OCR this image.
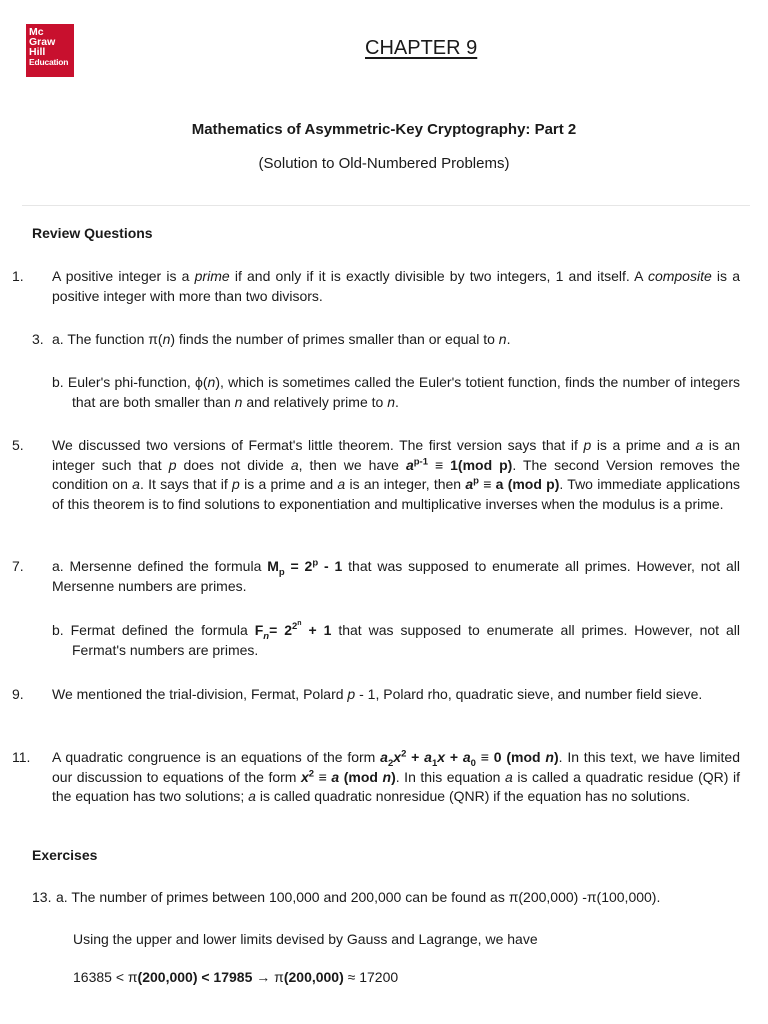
Mc
Graw
Hill
Education
CHAPTER 9
Mathematics of Asymmetric-Key Cryptography: Part 2
(Solution to Old-Numbered Problems)
Review Questions
1. A positive integer is a prime if and only if it is exactly divisible by two integers, 1 and itself. A composite is a positive integer with more than two divisors.
3. a. The function π(n) finds the number of primes smaller than or equal to n.
b. Euler's phi-function, ϕ(n), which is sometimes called the Euler's totient function, finds the number of integers that are both smaller than n and relatively prime to n.
5. We discussed two versions of Fermat's little theorem. The first version says that if p is a prime and a is an integer such that p does not divide a, then we have $a^{p-1} \equiv 1(mod$ p). The second Version removes the condition on a. It says that if p is a prime and a is an integer, then $a^p \equiv a$ (mod p). Two immediate applications of this theorem is to find solutions to exponentiation and multiplicative inverses when the modulus is a prime.
7. a. Mersenne defined the formula $M_p = 2^p - 1$ that was supposed to enumerate all primes. However, not all Mersenne numbers are primes.
b. Fermat defined the formula $F_n= 2^{2^n} + 1$ that was supposed to enumerate all primes. However, not all Fermat's numbers are primes.
9. We mentioned the trial-division, Fermat, Polard p - 1, Polard rho, quadratic sieve, and number field sieve.
11. A quadratic congruence is an equations of the form $a_2x^2 + a_1x + a_0 \equiv 0$ (mod n). In this text, we have limited our discussion to equations of the form $x^2 \equiv a$ (mod n). In this equation a is called a quadratic residue (QR) if the equation has two solutions; a is called quadratic nonresidue (QNR) if the equation has no solutions.
Exercises
13. a. The number of primes between 100,000 and 200,000 can be found as π(200,000) -π(100,000).
Using the upper and lower limits devised by Gauss and Lagrange, we have
16385 < π(200,000) < 17985 → π(200,000) ≈ 17200
